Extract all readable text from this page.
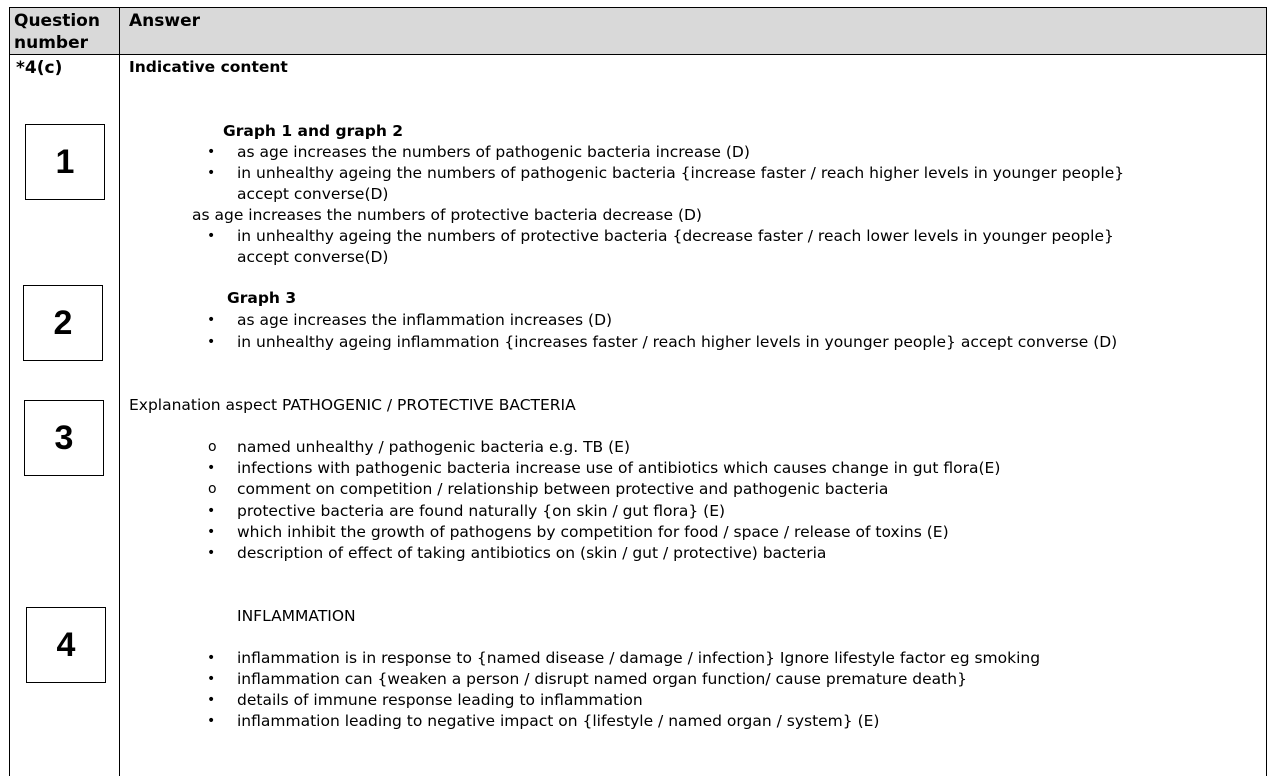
Question number
Answer
*4(c)	Indicative content
1
2
3
4
Graph 1 and graph 2
• as age increases the numbers of pathogenic bacteria increase (D)
• in unhealthy ageing the numbers of pathogenic bacteria {increase faster / reach higher levels in younger people}
accept converse(D)
as age increases the numbers of protective bacteria decrease (D)
• in unhealthy ageing the numbers of protective bacteria {decrease faster / reach lower levels in younger people}
accept converse(D)
Graph 3
• as age increases the inflammation increases (D)
• in unhealthy ageing inflammation {increases faster / reach higher levels in younger people} accept converse (D)
Explanation aspect PATHOGENIC / PROTECTIVE BACTERIA
o named unhealthy / pathogenic bacteria e.g. TB (E)
• infections with pathogenic bacteria increase use of antibiotics which causes change in gut flora(E)
o comment on competition / relationship between protective and pathogenic bacteria
• protective bacteria are found naturally {on skin / gut flora} (E)
• which inhibit the growth of pathogens by competition for food / space / release of toxins (E)
• description of effect of taking antibiotics on (skin / gut / protective) bacteria
INFLAMMATION
• inflammation is in response to {named disease / damage / infection} Ignore lifestyle factor eg smoking
• inflammation can {weaken a person / disrupt named organ function/ cause premature death}
• details of immune response leading to inflammation
• inflammation leading to negative impact on {lifestyle / named organ / system} (E)
